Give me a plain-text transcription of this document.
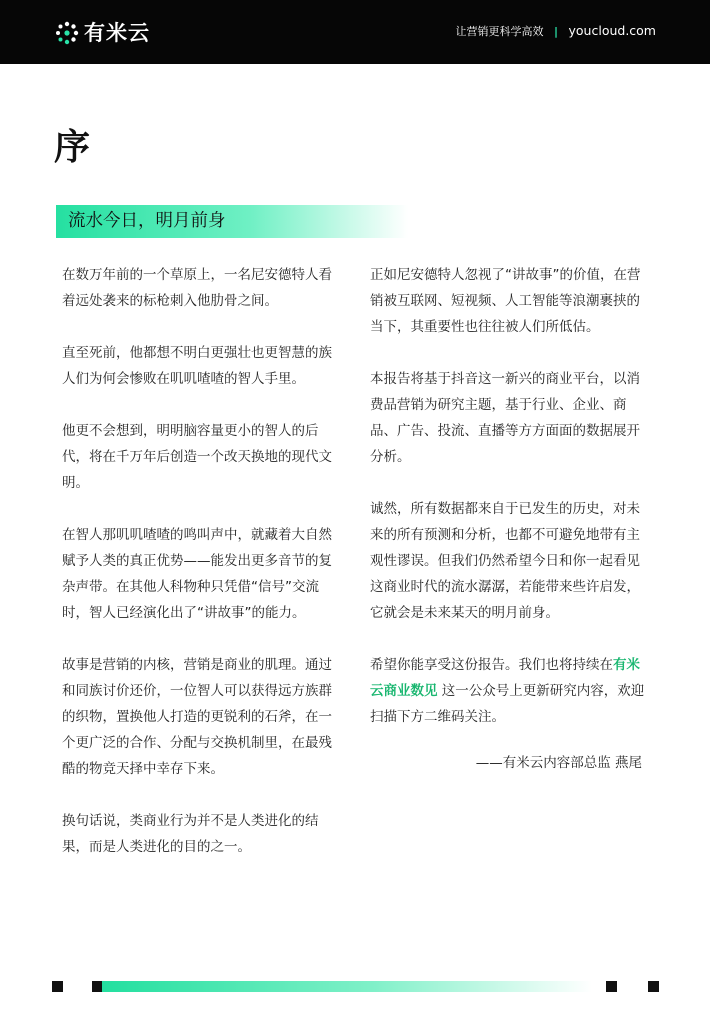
有米云	让营销更科学高效 | youcloud.com
序
流水今日，明月前身

在数万年前的一个草原上，一名尼安德特人看着远处袭来的标枪刺入他肋骨之间。

直至死前，他都想不明白更强壮也更智慧的族人们为何会惨败在叽叽喳喳的智人手里。

他更不会想到，明明脑容量更小的智人的后代，将在千万年后创造一个改天换地的现代文明。

在智人那叽叽喳喳的鸣叫声中，就藏着大自然赋予人类的真正优势——能发出更多音节的复杂声带。在其他人科物种只凭借“信号”交流时，智人已经演化出了“讲故事”的能力。

故事是营销的内核，营销是商业的肌理。通过和同族讨价还价，一位智人可以获得远方族群的织物，置换他人打造的更锐利的石斧，在一个更广泛的合作、分配与交换机制里，在最残酷的物竞天择中幸存下来。

换句话说，类商业行为并不是人类进化的结果，而是人类进化的目的之一。

正如尼安德特人忽视了“讲故事”的价值，在营销被互联网、短视频、人工智能等浪潮裹挟的当下，其重要性也往往被人们所低估。

本报告将基于抖音这一新兴的商业平台，以消费品营销为研究主题，基于行业、企业、商品、广告、投流、直播等方方面面的数据展开分析。

诚然，所有数据都来自于已发生的历史，对未来的所有预测和分析，也都不可避免地带有主观性谬误。但我们仍然希望今日和你一起看见这商业时代的流水潺潺，若能带来些许启发，它就会是未来某天的明月前身。

希望你能享受这份报告。我们也将持续在有米云商业数见 这一公众号上更新研究内容，欢迎扫描下方二维码关注。

——有米云内容部总监 燕尾
